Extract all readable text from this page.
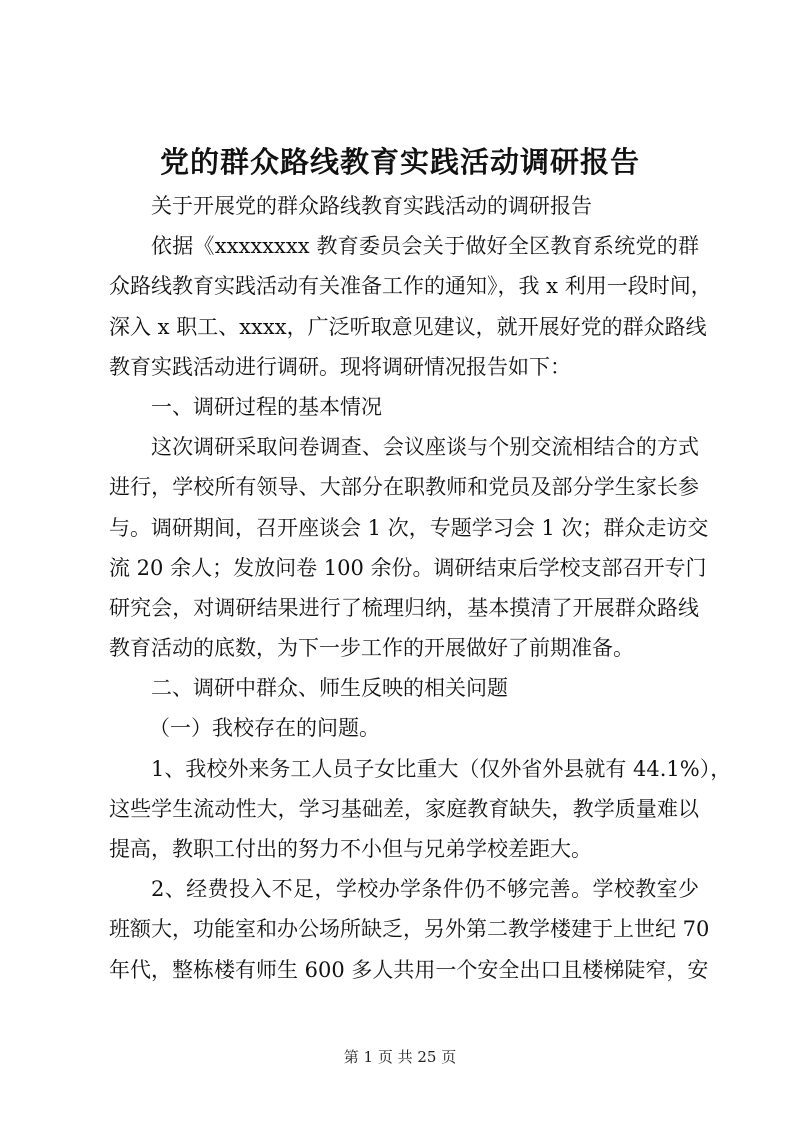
党的群众路线教育实践活动调研报告
关于开展党的群众路线教育实践活动的调研报告
依据《xxxxxxxx 教育委员会关于做好全区教育系统党的群
众路线教育实践活动有关准备工作的通知》，我 x 利用一段时间，
深入 x 职工、xxxx，广泛听取意见建议，就开展好党的群众路线
教育实践活动进行调研。现将调研情况报告如下：
一、调研过程的基本情况
这次调研采取问卷调查、会议座谈与个别交流相结合的方式
进行，学校所有领导、大部分在职教师和党员及部分学生家长参
与。调研期间，召开座谈会 1 次，专题学习会 1 次；群众走访交
流 20 余人；发放问卷 100 余份。调研结束后学校支部召开专门
研究会，对调研结果进行了梳理归纳，基本摸清了开展群众路线
教育活动的底数，为下一步工作的开展做好了前期准备。
二、调研中群众、师生反映的相关问题
（一）我校存在的问题。
1、我校外来务工人员子女比重大（仅外省外县就有 44.1%），
这些学生流动性大，学习基础差，家庭教育缺失，教学质量难以
提高，教职工付出的努力不小但与兄弟学校差距大。
2、经费投入不足，学校办学条件仍不够完善。学校教室少
班额大，功能室和办公场所缺乏，另外第二教学楼建于上世纪 70
年代，整栋楼有师生 600 多人共用一个安全出口且楼梯陡窄，安
第 1 页 共 25 页
